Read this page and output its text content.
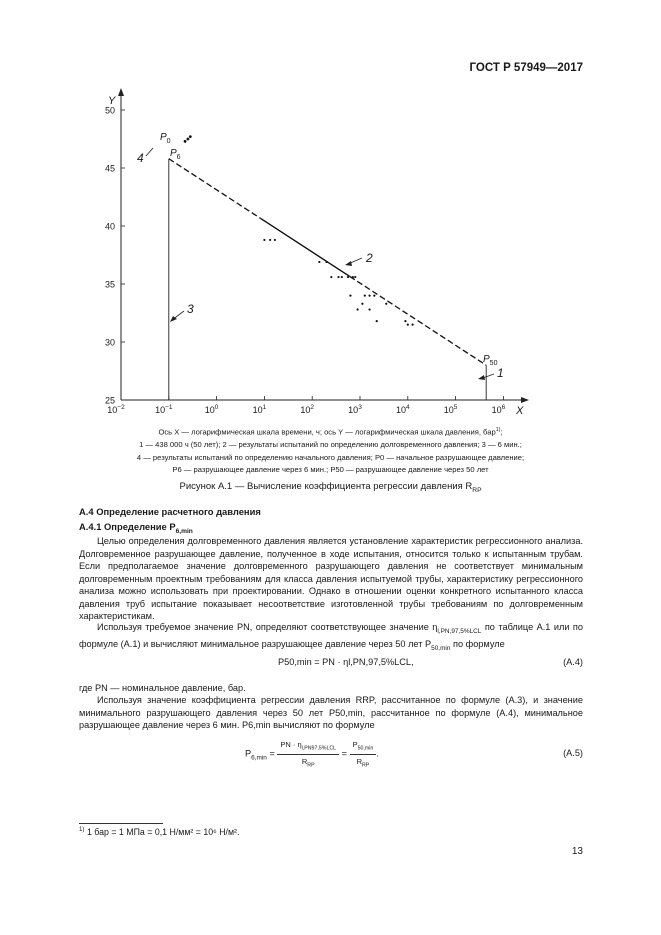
ГОСТ Р 57949—2017
X
Y
25
30
35
40
45
50
$10^{-2}$	$10^{-1}$	$10^0$	$10^1$	$10^2$	$10^3$	$10^4$	$10^5$	$10^6$
$P_0$
$P_6$
$P_{50}$
1
2
3
4
Ось X — логарифмическая шкала времени, ч; ось Y — логарифмическая шкала давления, бар$^{1)}$;
1 — 438 000 ч (50 лет); 2 — результаты испытаний по определению долговременного давления; 3 — 6 мин.;
4 — результаты испытаний по определению начального давления; P0 — начальное разрушающее давление;
P6 — разрушающее давление через 6 мин.; P50 — разрушающее давление через 50 лет
Рисунок А.1 — Вычисление коэффициента регрессии давления $R_{RP}$
А.4 Определение расчетного давления
А.4.1 Определение $P_{6,min}$
Целью определения долговременного давления является установление характеристик регрессионного анализа. Долговременное разрушающее давление, полученное в ходе испытания, относится только к испытанным трубам. Если предполагаемое значение долговременного разрушающего давления не соответствует минимальным долговременным проектным требованиям для класса давления испытуемой трубы, характеристику регрессионного анализа можно использовать при проектировании. Однако в отношении оценки конкретного испытанного класса давления труб испытание показывает несоответствие изготовленной трубы требованиям по долговременным характеристикам.
Используя требуемое значение PN, определяют соответствующее значение $\eta_{l,PN,97,5\%LCL}$ по таблице А.1 или по формуле (А.1) и вычисляют минимальное разрушающее давление через 50 лет $P_{50,min}$ по формуле
P50,min = PN · ηl,PN,97,5%LCL,	(А.4)
где PN — номинальное давление, бар.
Используя значение коэффициента регрессии давления RRP, рассчитанное по формуле (А.3), и значение минимального разрушающего давления через 50 лет P50,min, рассчитанное по формуле (А.4), минимальное разрушающее давление через 6 мин. P6,min вычисляют по формуле
$P_{6,min} = \frac{PN \cdot \eta_{l,PN97,5\%LCL}}{R_{RP}} = \frac{P_{50,min}}{R_{RP}}$ .	(А.5)
$^{1)}$ 1 бар = 1 МПа = 0,1 Н/мм² = 10⁶ Н/м².
13
